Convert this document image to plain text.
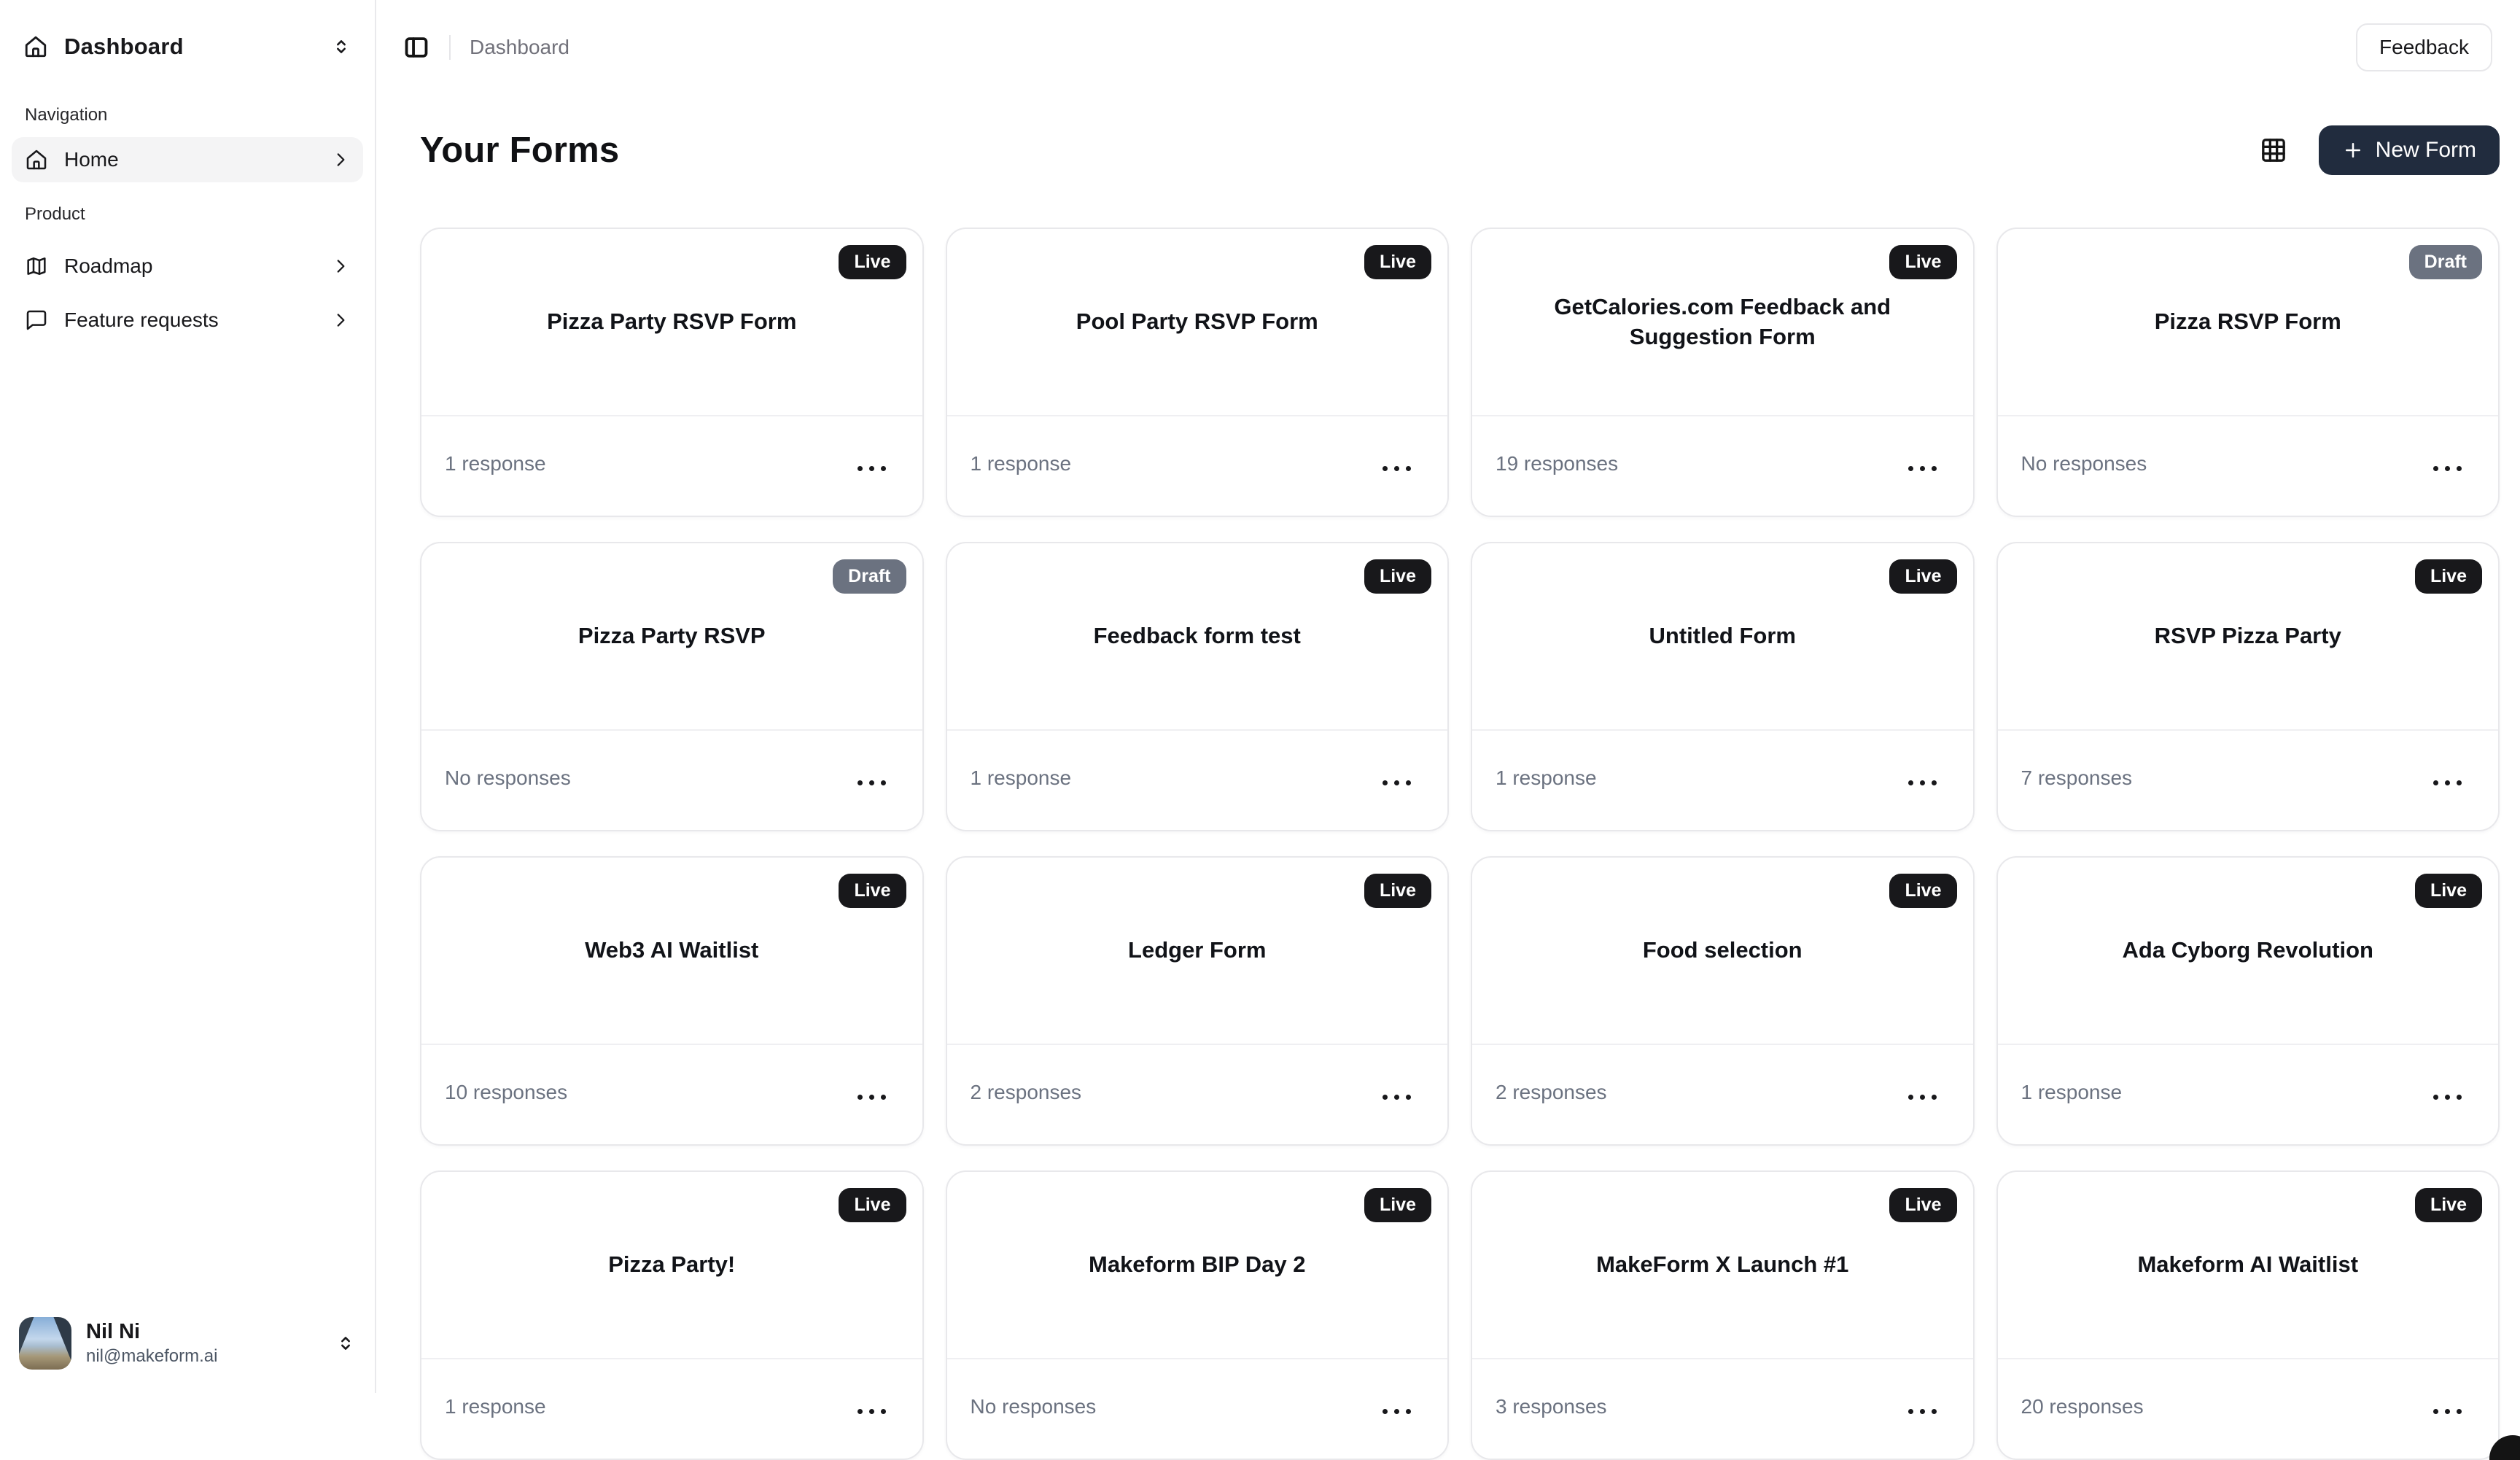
Dashboard
Navigation
Home
Product
Roadmap
Feature requests
Nil Ni
nil@makeform.ai
Dashboard	Feedback
Your Forms	New Form
Live
Pizza Party RSVP Form
1 response
Live
Pool Party RSVP Form
1 response
Live
GetCalories.com Feedback and Suggestion Form
19 responses
Draft
Pizza RSVP Form
No responses
Draft
Pizza Party RSVP
No responses
Live
Feedback form test
1 response
Live
Untitled Form
1 response
Live
RSVP Pizza Party
7 responses
Live
Web3 AI Waitlist
10 responses
Live
Ledger Form
2 responses
Live
Food selection
2 responses
Live
Ada Cyborg Revolution
1 response
Live
Pizza Party!
1 response
Live
Makeform BIP Day 2
No responses
Live
MakeForm X Launch #1
3 responses
Live
Makeform AI Waitlist
20 responses
